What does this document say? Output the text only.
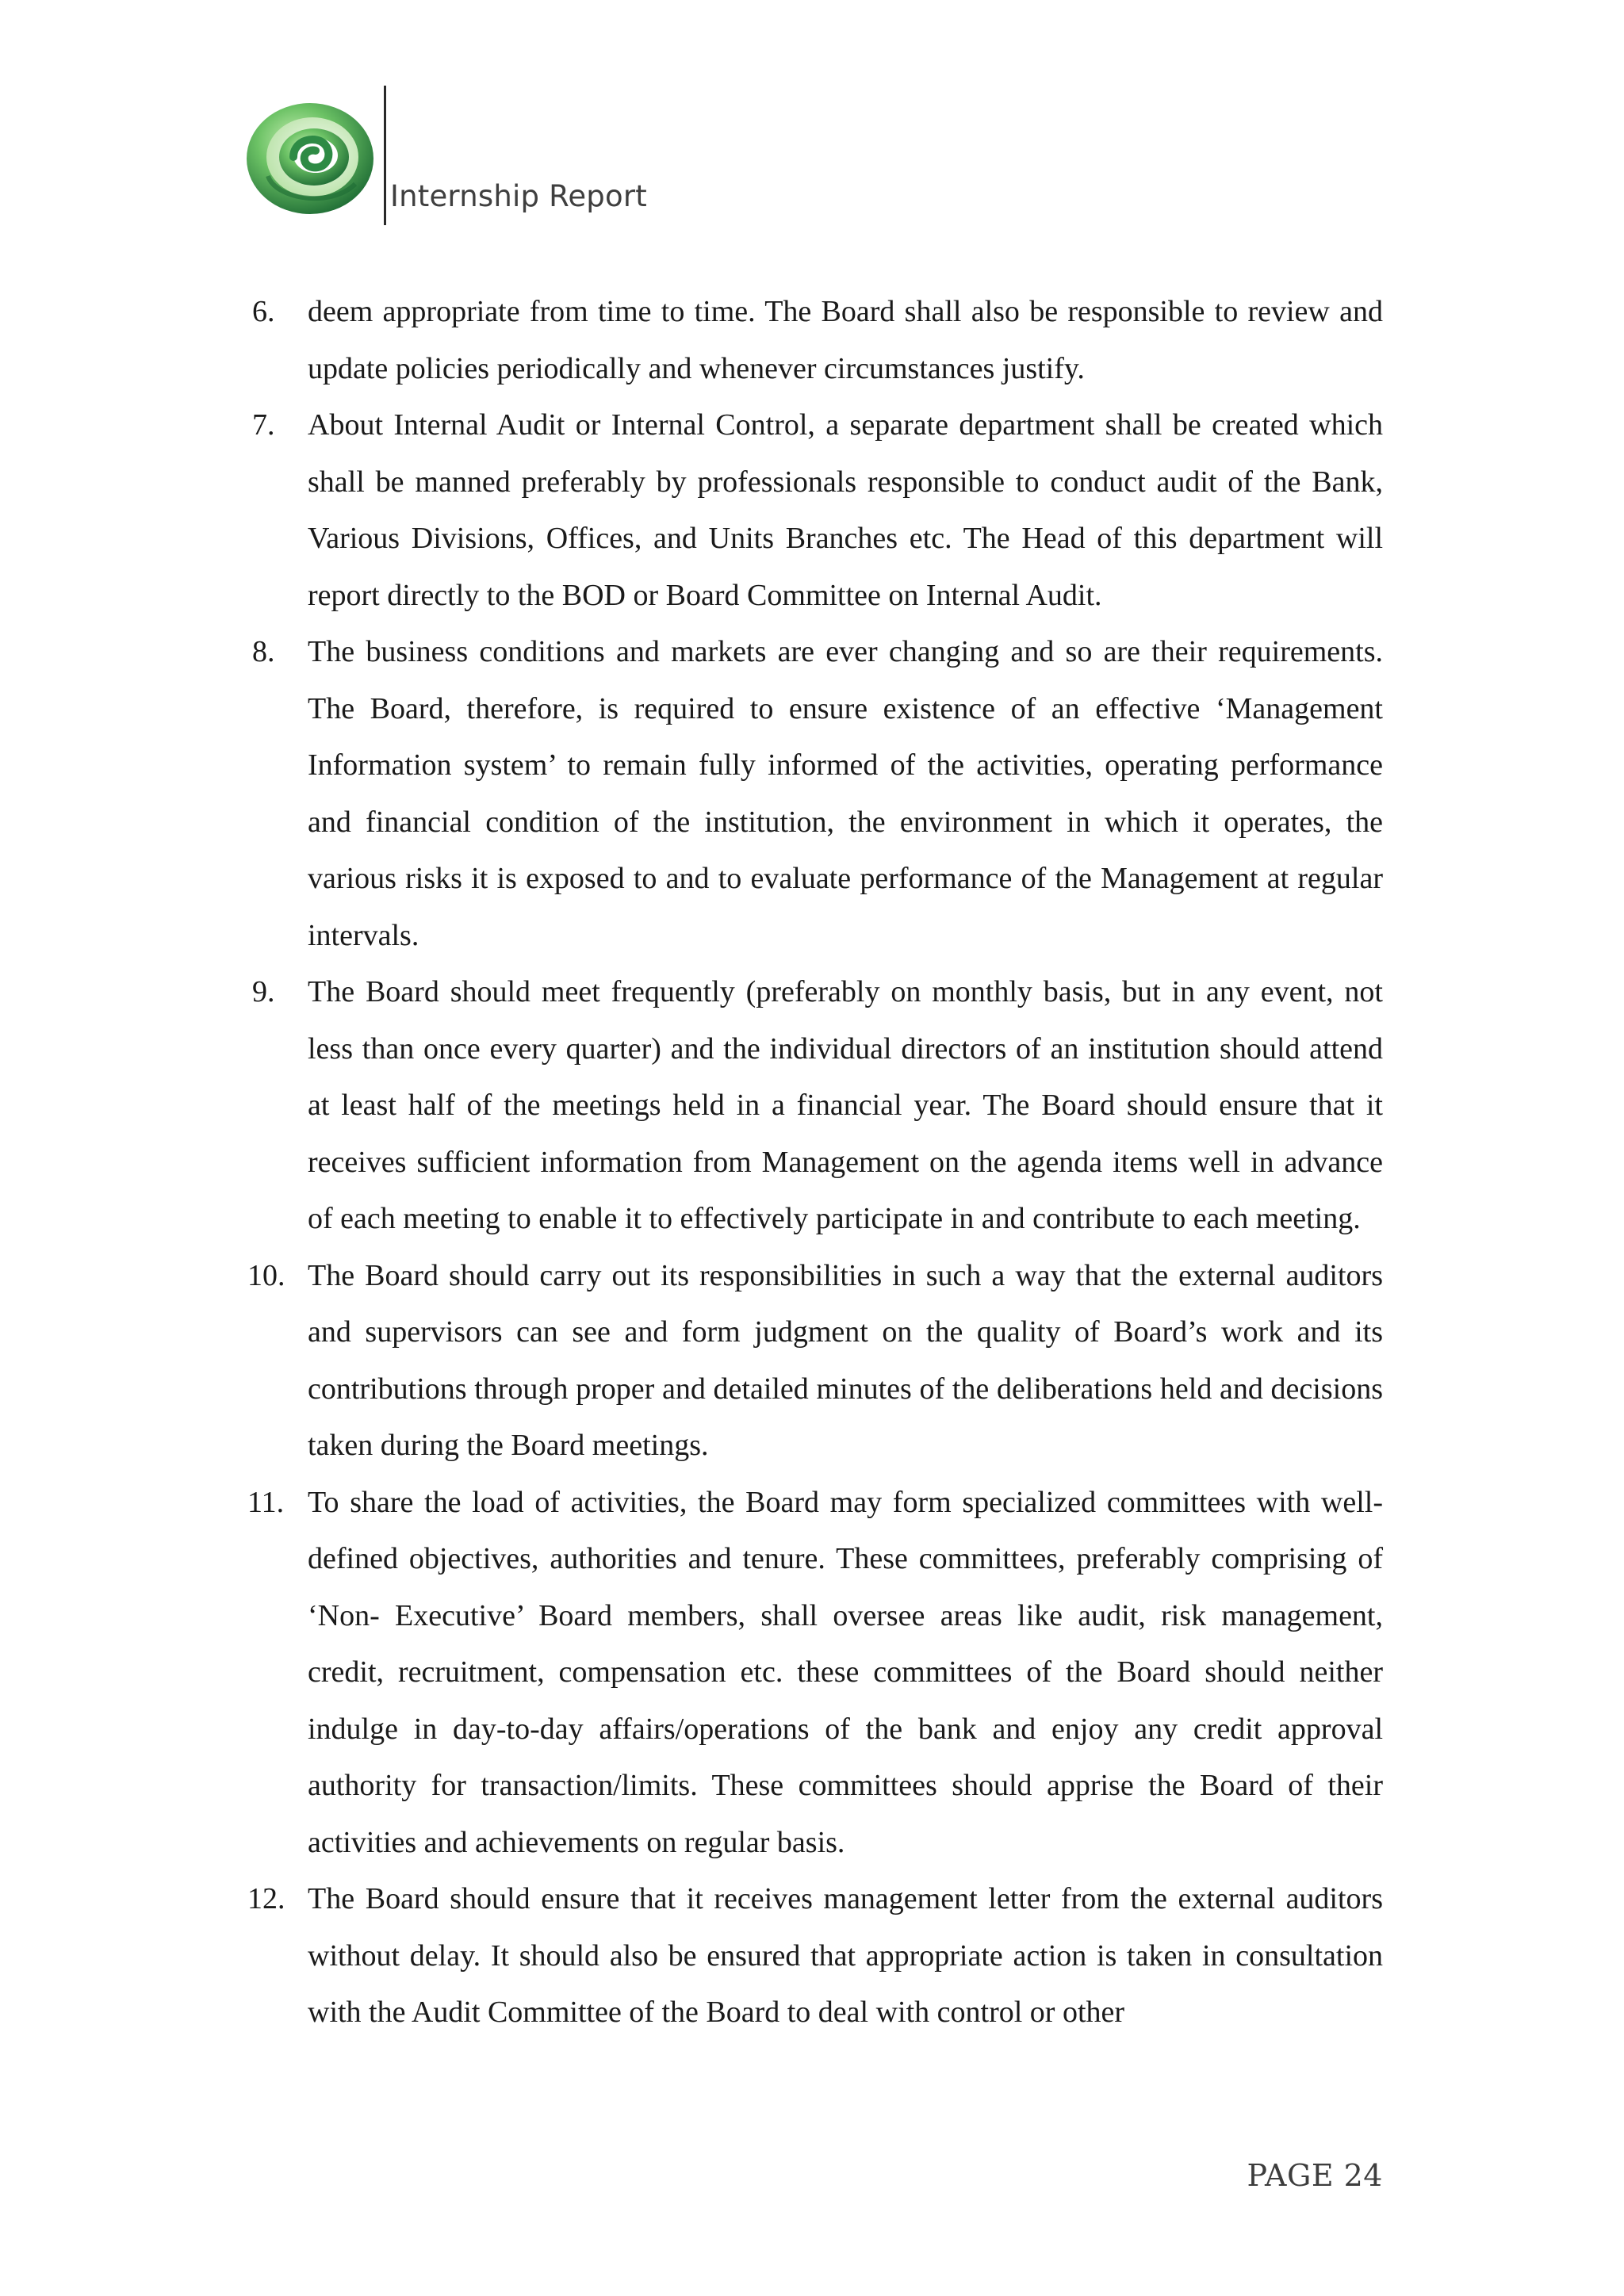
Internship Report
6.	deem appropriate from time to time. The Board shall also be responsible to review and update policies periodically and whenever circumstances justify.
7.	About Internal Audit or Internal Control, a separate department shall be created which shall be manned preferably by professionals responsible to conduct audit of the Bank, Various Divisions, Offices, and Units Branches etc. The Head of this department will report directly to the BOD or Board Committee on Internal Audit.
8.	The business conditions and markets are ever changing and so are their requirements. The Board, therefore, is required to ensure existence of an effective ‘Management Information system’ to remain fully informed of the activities, operating performance and financial condition of the institution, the environment in which it operates, the various risks it is exposed to and to evaluate performance of the Management at regular intervals.
9.	The Board should meet frequently (preferably on monthly basis, but in any event, not less than once every quarter) and the individual directors of an institution should attend at least half of the meetings held in a financial year. The Board should ensure that it receives sufficient information from Management on the agenda items well in advance of each meeting to enable it to effectively participate in and contribute to each meeting.
10. The Board should carry out its responsibilities in such a way that the external auditors and supervisors can see and form judgment on the quality of Board’s work and its contributions through proper and detailed minutes of the deliberations held and decisions taken during the Board meetings.
11. To share the load of activities, the Board may form specialized committees with well-defined objectives, authorities and tenure. These committees, preferably comprising of ‘Non- Executive’ Board members, shall oversee areas like audit, risk management, credit, recruitment, compensation etc. these committees of the Board should neither indulge in day-to-day affairs/operations of the bank and enjoy any credit approval authority for transaction/limits. These committees should apprise the Board of their activities and achievements on regular basis.
12. The Board should ensure that it receives management letter from the external auditors without delay. It should also be ensured that appropriate action is taken in consultation with the Audit Committee of the Board to deal with control or other
PAGE 24
